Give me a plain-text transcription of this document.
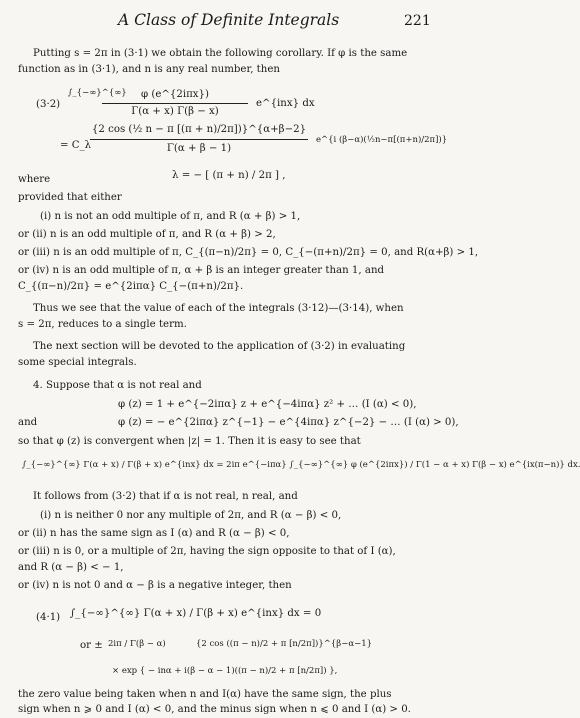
A Class of Definite Integrals	221
Putting s = 2π in (3·1) we obtain the following corollary. If φ is the same
function as in (3·1), and n is any real number, then
(3·2)
∫_{−∞}^{∞}	φ (e^{2iπx})
Γ(α + x) Γ(β − x)
e^{inx} dx
= C_λ
{2 cos (½ n − π [(π + n)/2π])}^{α+β−2}
Γ(α + β − 1)
e^{i (β−α)(½n−π[(π+n)/2π])}
where	λ = − [ (π + n) / 2π ] ,
provided that either
(i) n is not an odd multiple of π, and R (α + β) > 1,
or (ii) n is an odd multiple of π, and R (α + β) > 2,
or (iii) n is an odd multiple of π, C_{(π−n)/2π} = 0, C_{−(π+n)/2π} = 0, and R(α+β) > 1,
or (iv) n is an odd multiple of π, α + β is an integer greater than 1, and
C_{(π−n)/2π} = e^{2iπα} C_{−(π+n)/2π}.
Thus we see that the value of each of the integrals (3·12)—(3·14), when
s = 2π, reduces to a single term.
The next section will be devoted to the application of (3·2) in evaluating
some special integrals.
4. Suppose that α is not real and
φ (z) = 1 + e^{−2iπα} z + e^{−4iπα} z² + … (I (α) < 0),
and	φ (z) = − e^{2iπα} z^{−1} − e^{4iπα} z^{−2} − … (I (α) > 0),
so that φ (z) is convergent when |z| = 1. Then it is easy to see that
∫_{−∞}^{∞} Γ(α + x) / Γ(β + x) e^{inx} dx = 2iπ e^{−iπα} ∫_{−∞}^{∞} φ (e^{2iπx}) / Γ(1 − α + x) Γ(β − x) e^{ix(π−n)} dx.
It follows from (3·2) that if α is not real, n real, and
(i) n is neither 0 nor any multiple of 2π, and R (α − β) < 0,
or (ii) n has the same sign as I (α) and R (α − β) < 0,
or (iii) n is 0, or a multiple of 2π, having the sign opposite to that of I (α),
and R (α − β) < − 1,
or (iv) n is not 0 and α − β is a negative integer, then
(4·1) ∫_{−∞}^{∞} Γ(α + x) / Γ(β + x) e^{inx} dx = 0
or ± 2iπ / Γ(β − α)	{2 cos ((π − n)/2 + π [n/2π])}^{β−α−1}
× exp { − inα + i(β − α − 1)((π − n)/2 + π [n/2π]) },
the zero value being taken when n and I(α) have the same sign, the plus
sign when n ⩾ 0 and I (α) < 0, and the minus sign when n ⩽ 0 and I (α) > 0.
